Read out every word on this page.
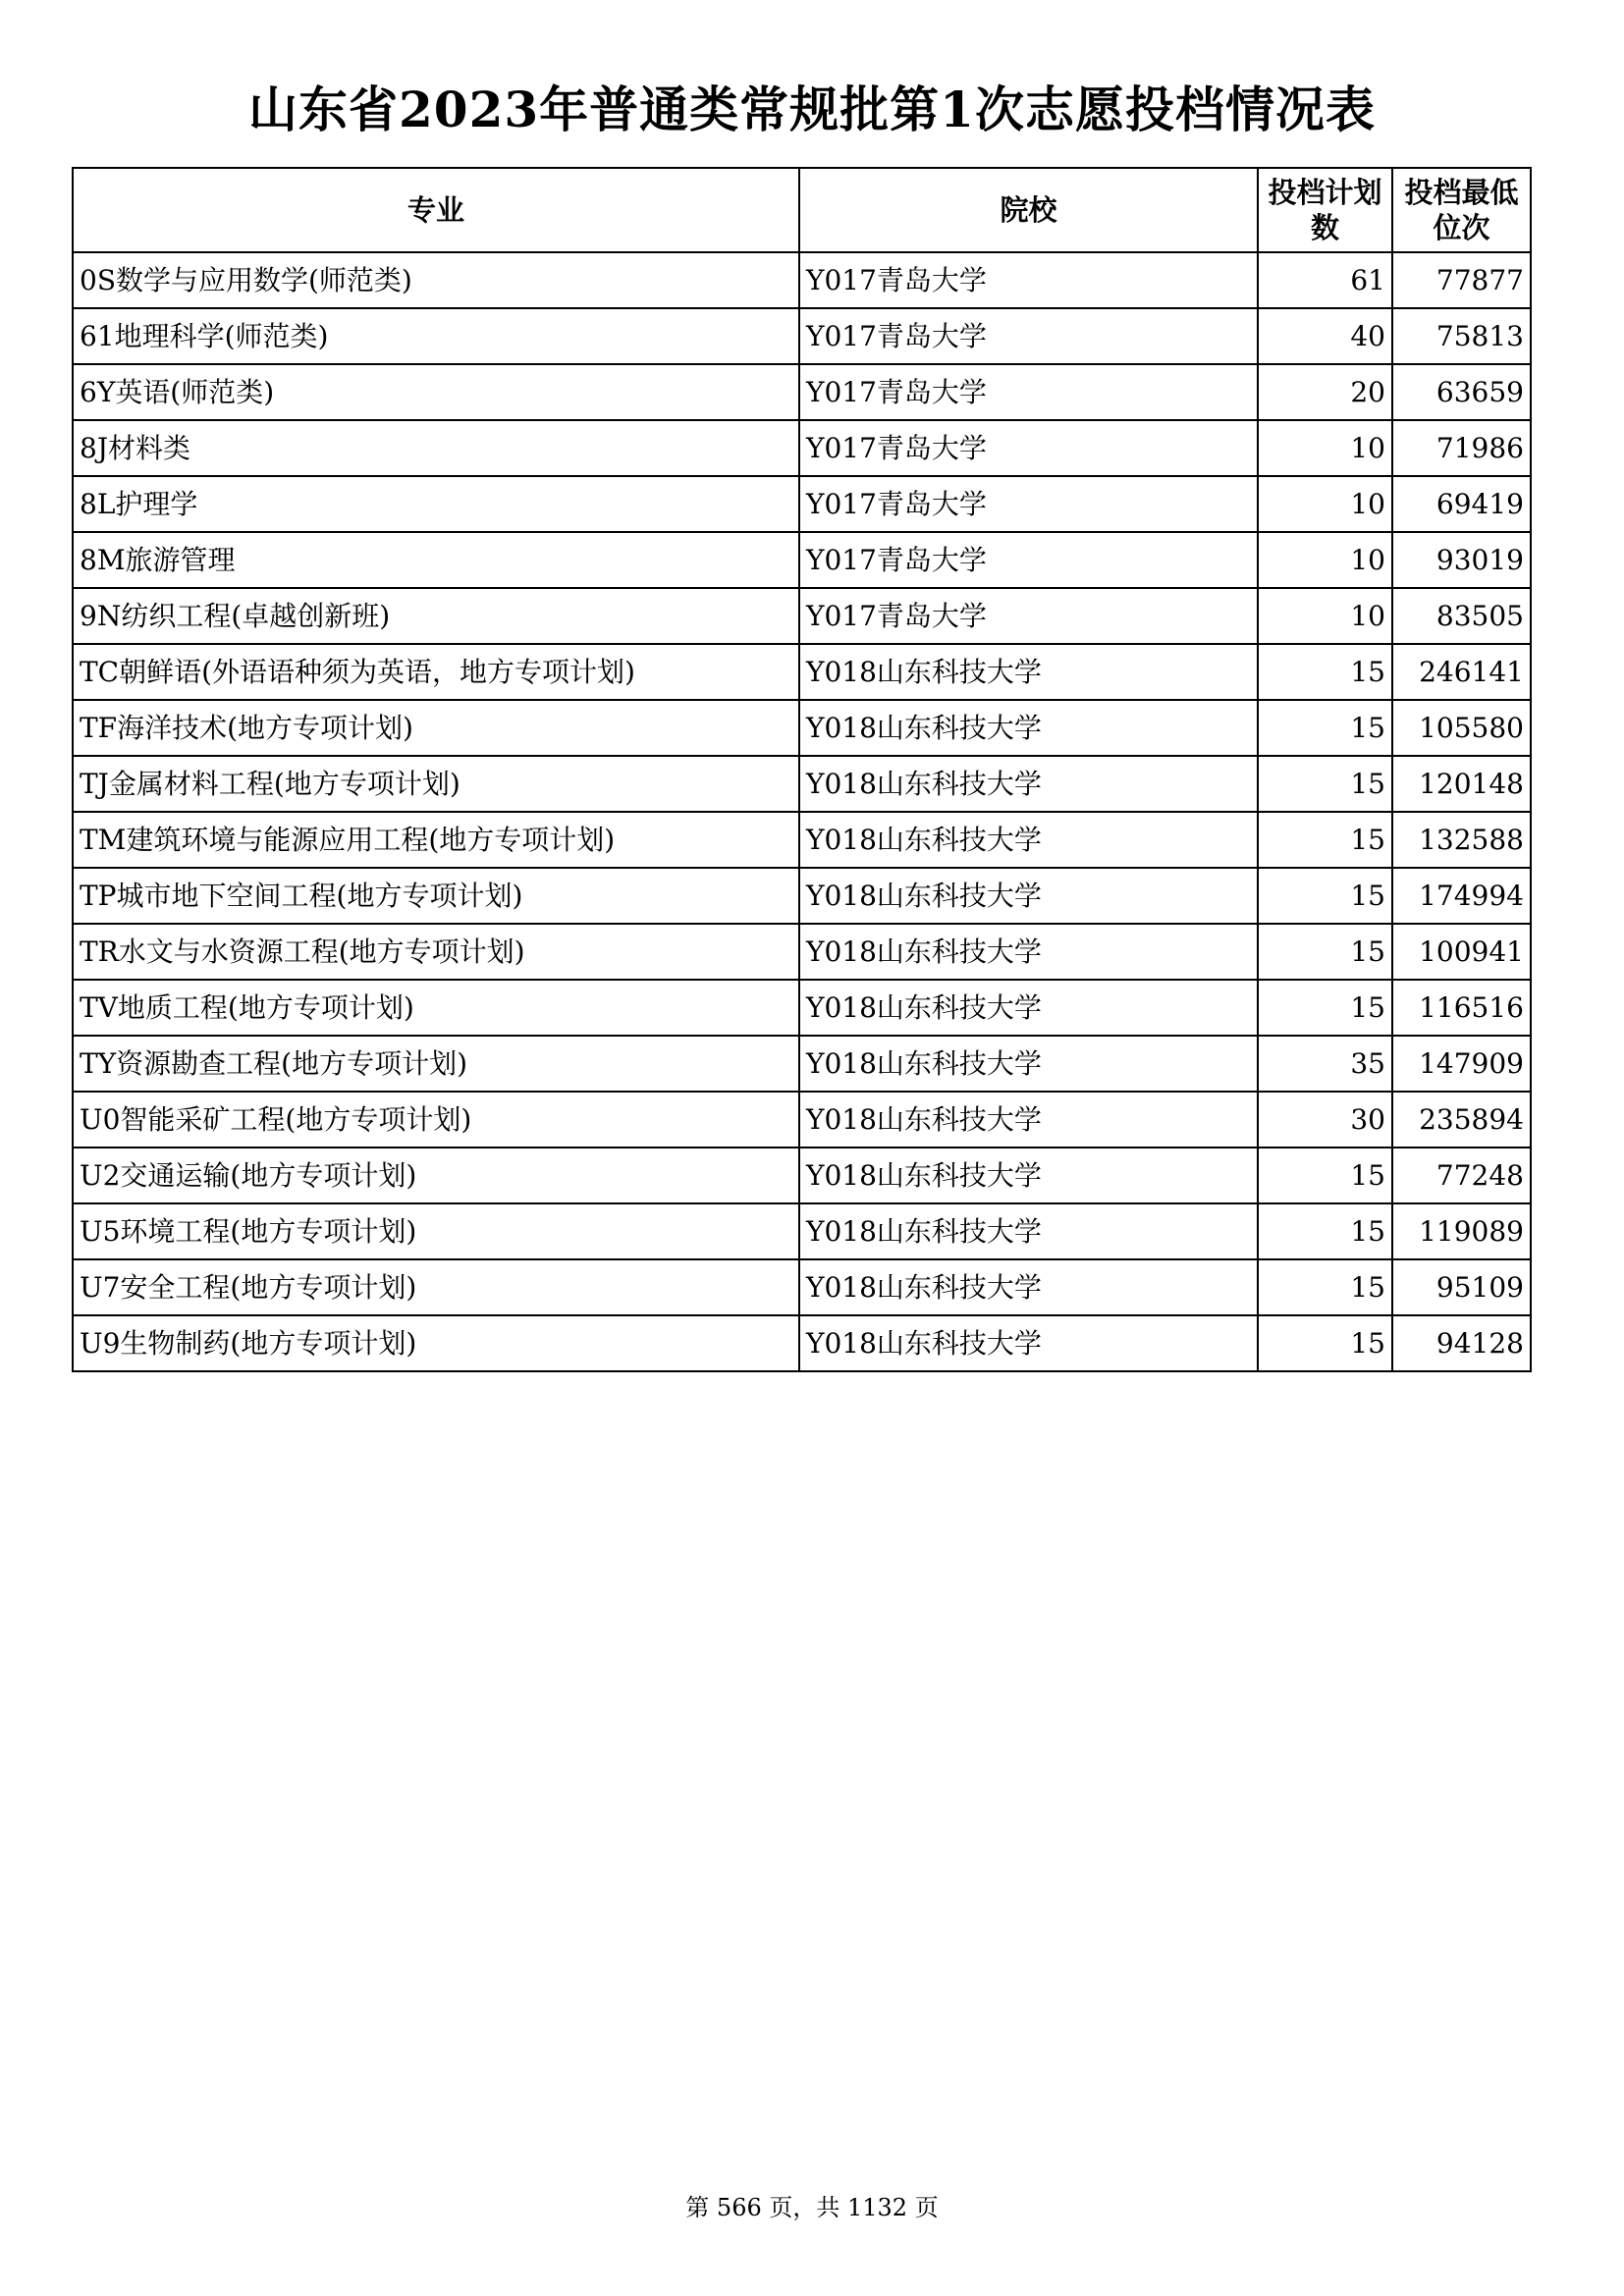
山东省2023年普通类常规批第1次志愿投档情况表
专业	院校	投档计划数	投档最低位次
0S数学与应用数学(师范类)	Y017青岛大学	61	77877
61地理科学(师范类)	Y017青岛大学	40	75813
6Y英语(师范类)	Y017青岛大学	20	63659
8J材料类	Y017青岛大学	10	71986
8L护理学	Y017青岛大学	10	69419
8M旅游管理	Y017青岛大学	10	93019
9N纺织工程(卓越创新班)	Y017青岛大学	10	83505
TC朝鲜语(外语语种须为英语，地方专项计划)	Y018山东科技大学	15	246141
TF海洋技术(地方专项计划)	Y018山东科技大学	15	105580
TJ金属材料工程(地方专项计划)	Y018山东科技大学	15	120148
TM建筑环境与能源应用工程(地方专项计划)	Y018山东科技大学	15	132588
TP城市地下空间工程(地方专项计划)	Y018山东科技大学	15	174994
TR水文与水资源工程(地方专项计划)	Y018山东科技大学	15	100941
TV地质工程(地方专项计划)	Y018山东科技大学	15	116516
TY资源勘查工程(地方专项计划)	Y018山东科技大学	35	147909
U0智能采矿工程(地方专项计划)	Y018山东科技大学	30	235894
U2交通运输(地方专项计划)	Y018山东科技大学	15	77248
U5环境工程(地方专项计划)	Y018山东科技大学	15	119089
U7安全工程(地方专项计划)	Y018山东科技大学	15	95109
U9生物制药(地方专项计划)	Y018山东科技大学	15	94128
第 566 页，共 1132 页
